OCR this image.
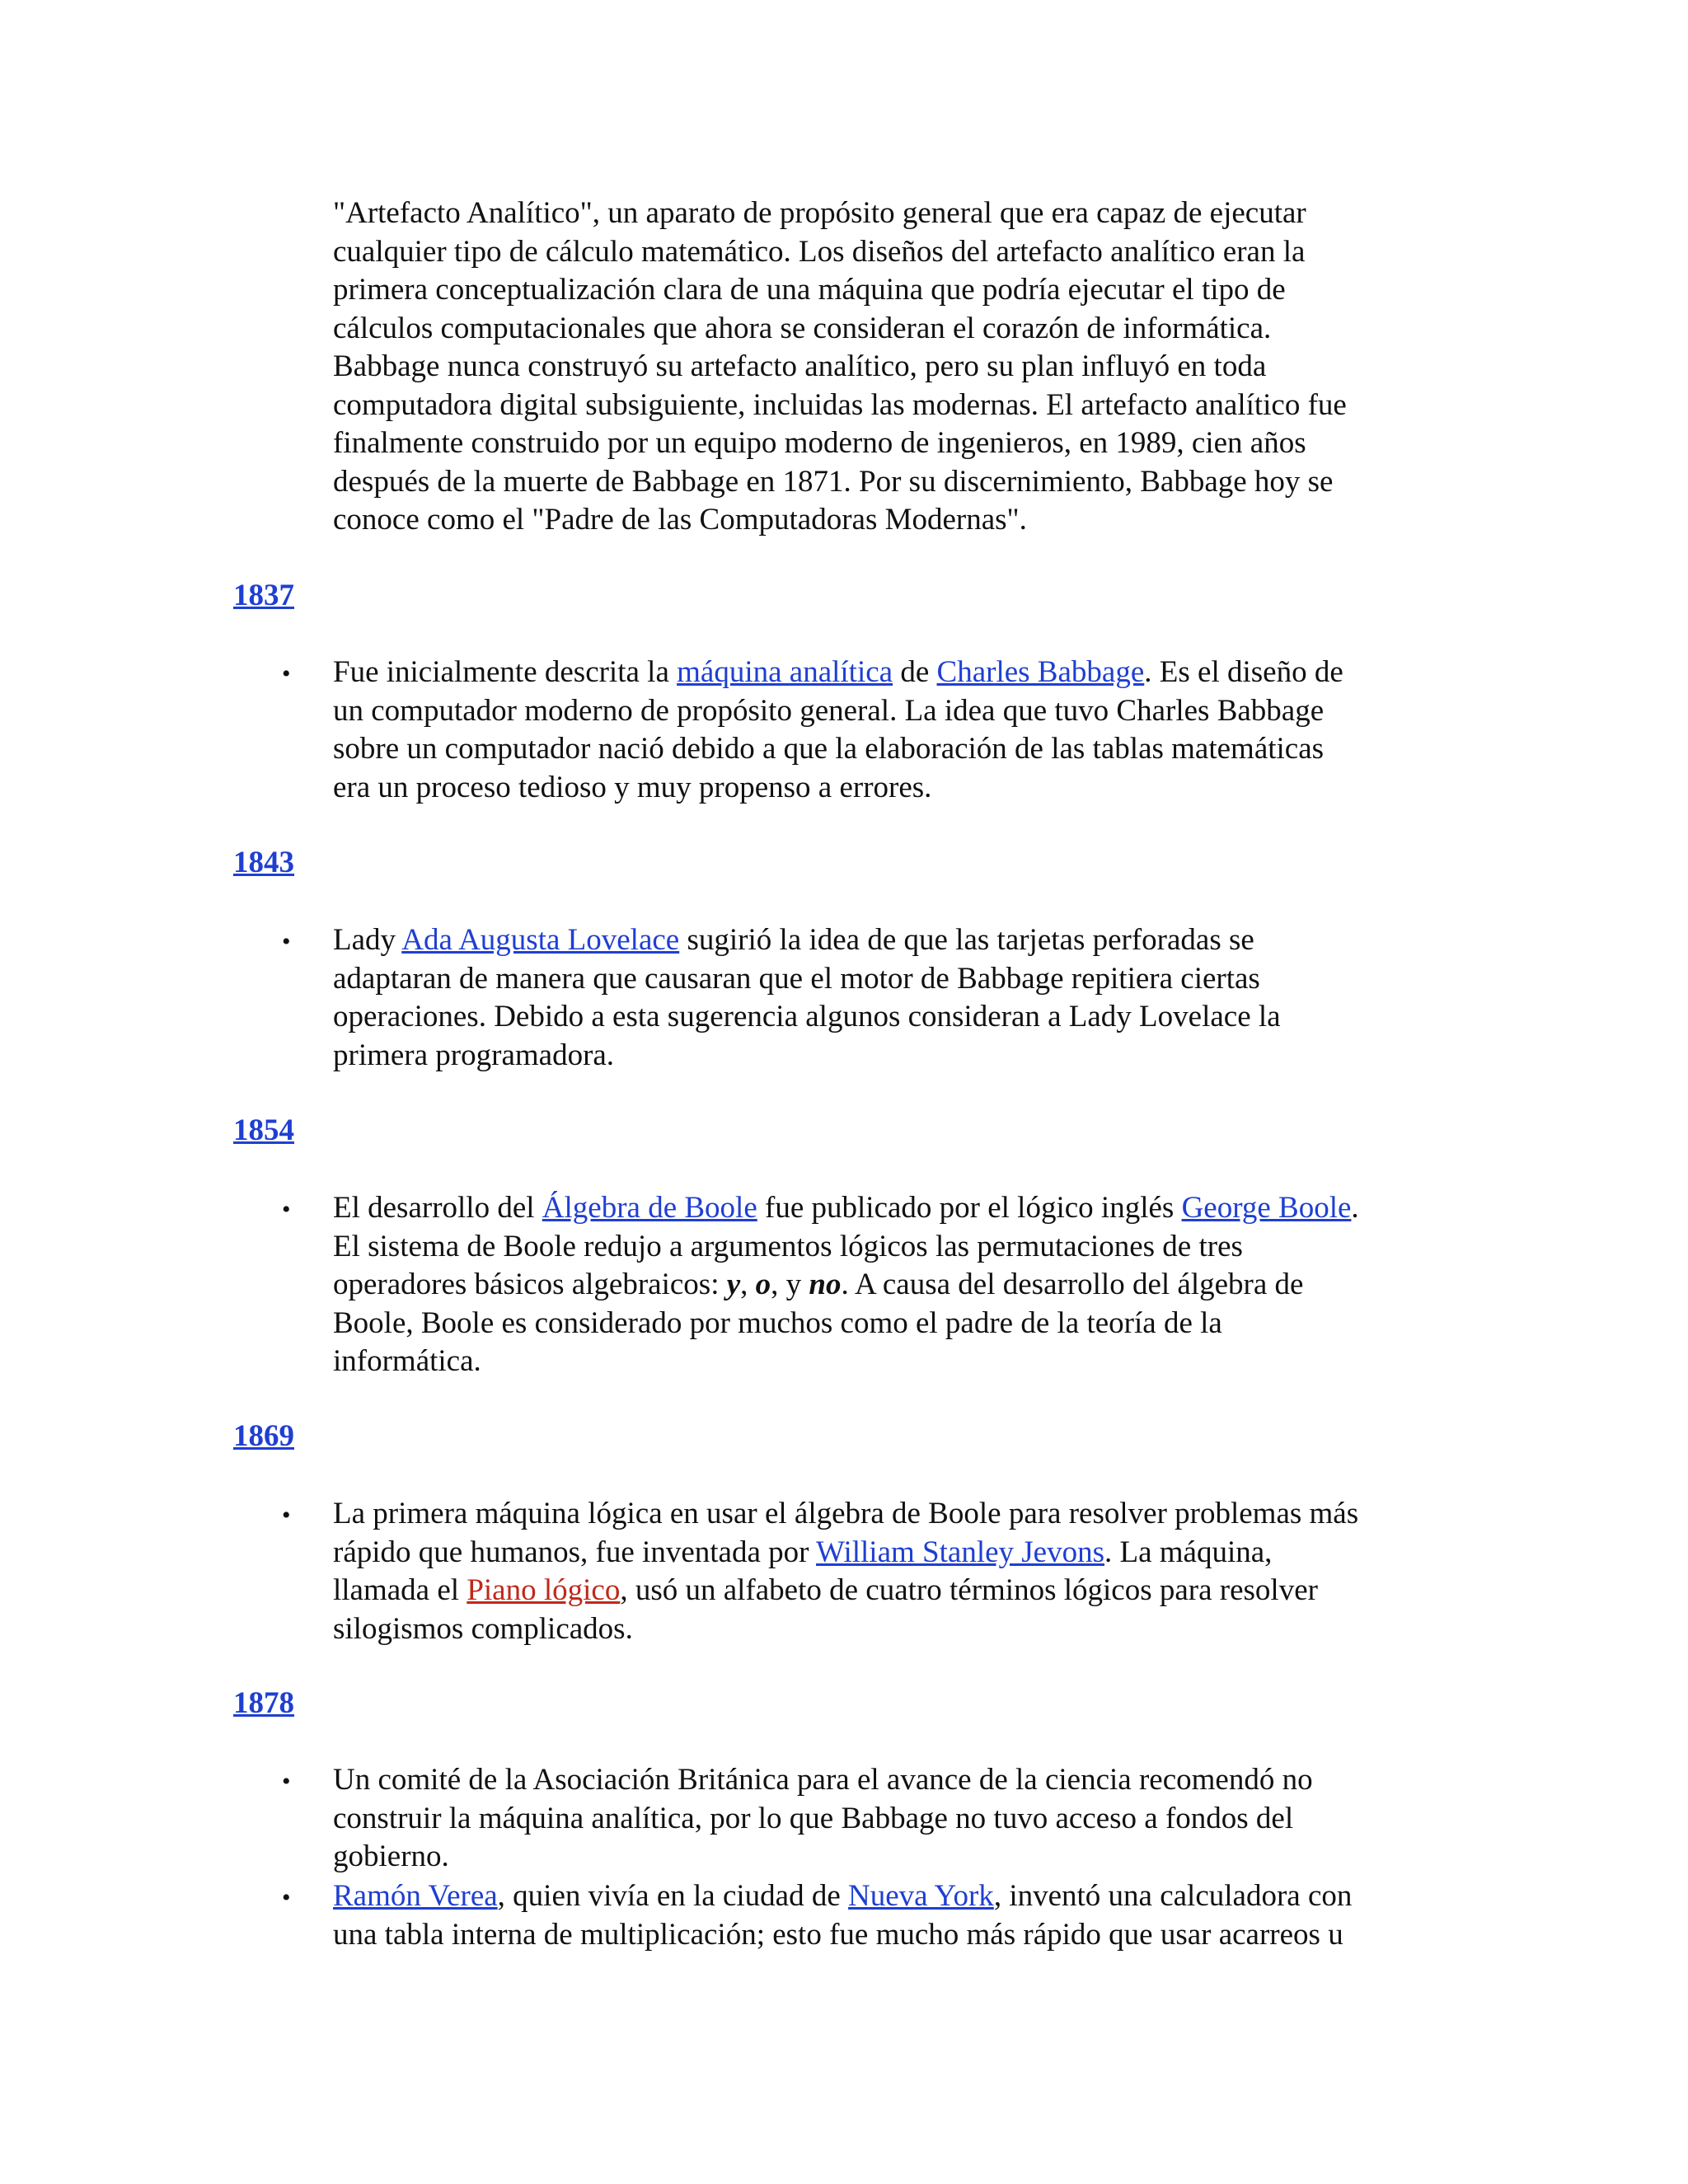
"Artefacto Analítico", un aparato de propósito general que era capaz de ejecutar
cualquier tipo de cálculo matemático. Los diseños del artefacto analítico eran la
primera conceptualización clara de una máquina que podría ejecutar el tipo de
cálculos computacionales que ahora se consideran el corazón de informática.
Babbage nunca construyó su artefacto analítico, pero su plan influyó en toda
computadora digital subsiguiente, incluidas las modernas. El artefacto analítico fue
finalmente construido por un equipo moderno de ingenieros, en 1989, cien años
después de la muerte de Babbage en 1871. Por su discernimiento, Babbage hoy se
conoce como el "Padre de las Computadoras Modernas".

1837
• Fue inicialmente descrita la máquina analítica de Charles Babbage. Es el diseño de
un computador moderno de propósito general. La idea que tuvo Charles Babbage
sobre un computador nació debido a que la elaboración de las tablas matemáticas
era un proceso tedioso y muy propenso a errores.

1843
• Lady Ada Augusta Lovelace sugirió la idea de que las tarjetas perforadas se
adaptaran de manera que causaran que el motor de Babbage repitiera ciertas
operaciones. Debido a esta sugerencia algunos consideran a Lady Lovelace la
primera programadora.

1854
• El desarrollo del Álgebra de Boole fue publicado por el lógico inglés George Boole.
El sistema de Boole redujo a argumentos lógicos las permutaciones de tres
operadores básicos algebraicos: y, o, y no. A causa del desarrollo del álgebra de
Boole, Boole es considerado por muchos como el padre de la teoría de la
informática.

1869
• La primera máquina lógica en usar el álgebra de Boole para resolver problemas más
rápido que humanos, fue inventada por William Stanley Jevons. La máquina,
llamada el Piano lógico, usó un alfabeto de cuatro términos lógicos para resolver
silogismos complicados.

1878
• Un comité de la Asociación Británica para el avance de la ciencia recomendó no
construir la máquina analítica, por lo que Babbage no tuvo acceso a fondos del
gobierno.

• Ramón Verea, quien vivía en la ciudad de Nueva York, inventó una calculadora con
una tabla interna de multiplicación; esto fue mucho más rápido que usar acarreos u
